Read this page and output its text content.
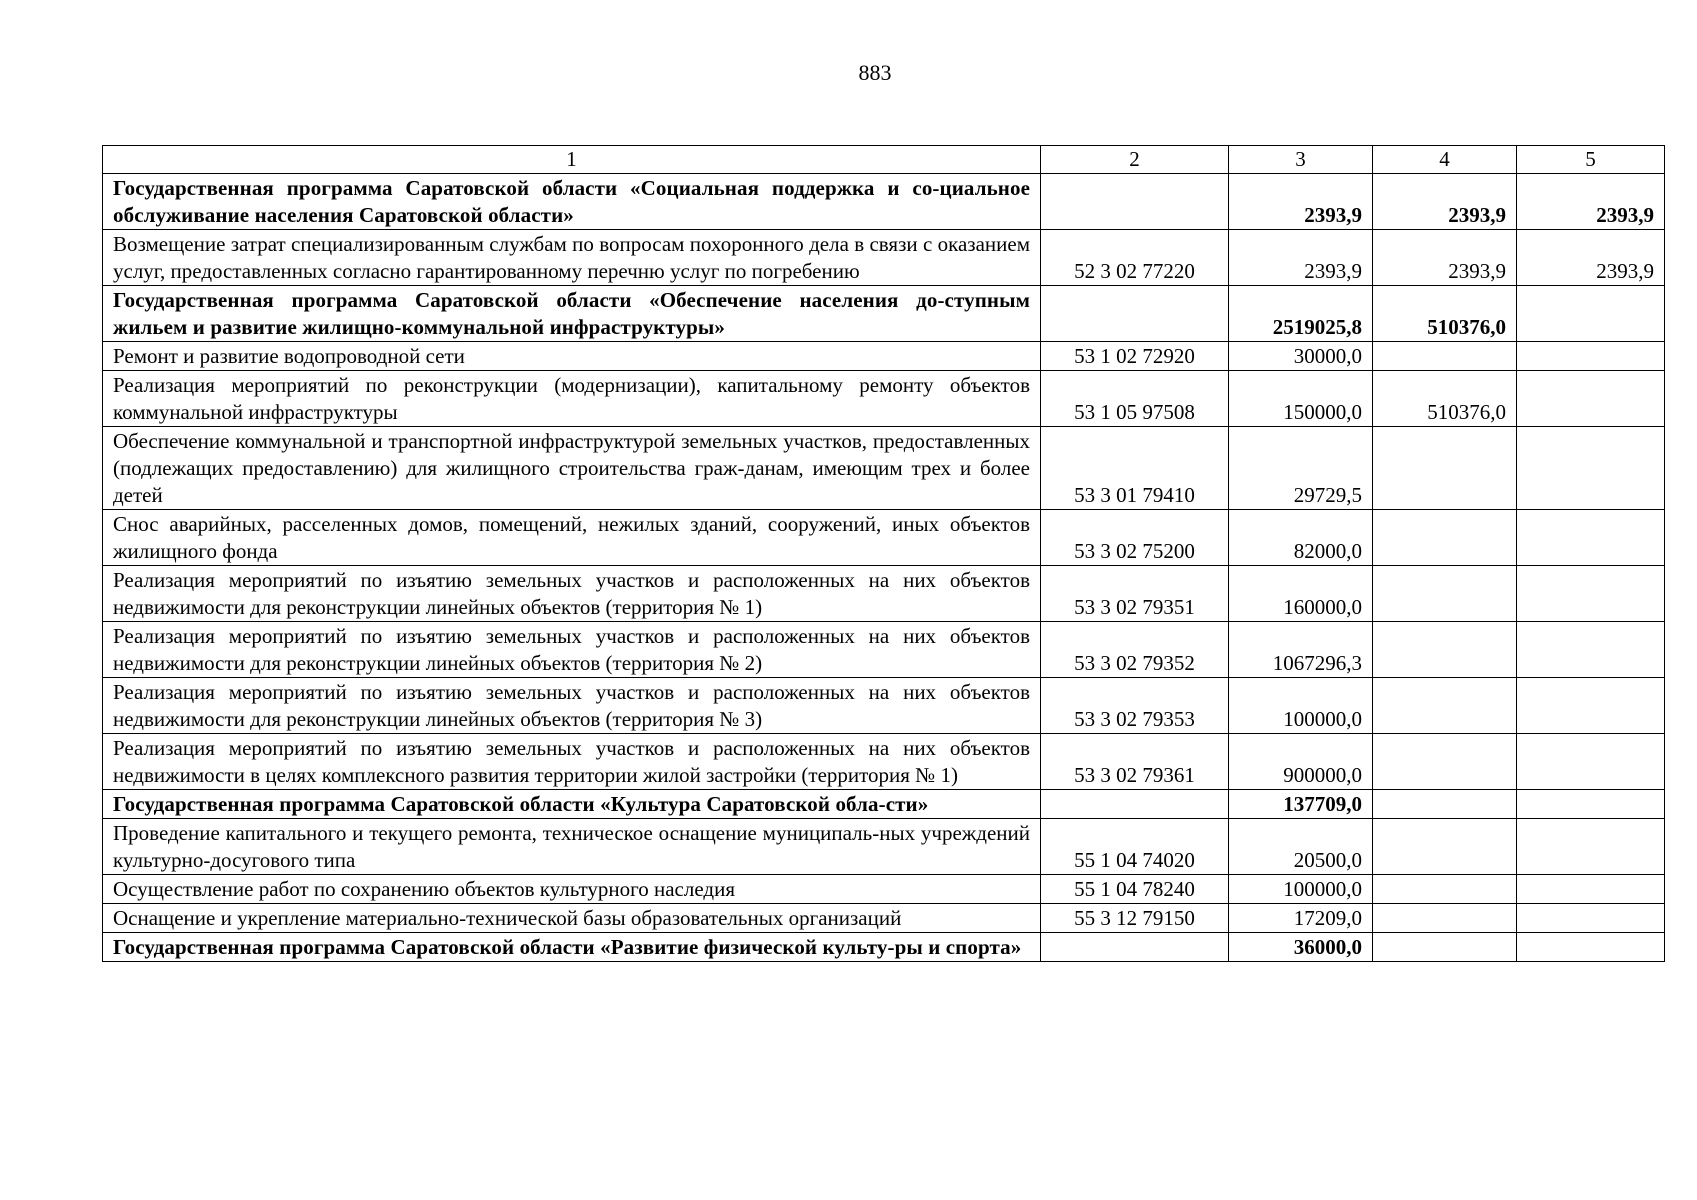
883
1	2	3	4	5
Государственная программа Саратовской области «Социальная поддержка и со-циальное обслуживание населения Саратовской области»		2393,9	2393,9	2393,9
Возмещение затрат специализированным службам по вопросам похоронного дела в связи с оказанием услуг, предоставленных согласно гарантированному перечню услуг по погребению	52 3 02 77220	2393,9	2393,9	2393,9
Государственная программа Саратовской области «Обеспечение населения до-ступным жильем и развитие жилищно-коммунальной инфраструктуры»		2519025,8	510376,0	
Ремонт и развитие водопроводной сети	53 1 02 72920	30000,0		
Реализация мероприятий по реконструкции (модернизации), капитальному ремонту объектов коммунальной инфраструктуры	53 1 05 97508	150000,0	510376,0	
Обеспечение коммунальной и транспортной инфраструктурой земельных участков, предоставленных (подлежащих предоставлению) для жилищного строительства граж-данам, имеющим трех и более детей	53 3 01 79410	29729,5		
Снос аварийных, расселенных домов, помещений, нежилых зданий, сооружений, иных объектов жилищного фонда	53 3 02 75200	82000,0		
Реализация мероприятий по изъятию земельных участков и расположенных на них объектов недвижимости для реконструкции линейных объектов (территория № 1)	53 3 02 79351	160000,0		
Реализация мероприятий по изъятию земельных участков и расположенных на них объектов недвижимости для реконструкции линейных объектов (территория № 2)	53 3 02 79352	1067296,3		
Реализация мероприятий по изъятию земельных участков и расположенных на них объектов недвижимости для реконструкции линейных объектов (территория № 3)	53 3 02 79353	100000,0		
Реализация мероприятий по изъятию земельных участков и расположенных на них объектов недвижимости в целях комплексного развития территории жилой застройки (территория № 1)	53 3 02 79361	900000,0		
Государственная программа Саратовской области «Культура Саратовской обла-сти»		137709,0		
Проведение капитального и текущего ремонта, техническое оснащение муниципаль-ных учреждений культурно-досугового типа	55 1 04 74020	20500,0		
Осуществление работ по сохранению объектов культурного наследия	55 1 04 78240	100000,0		
Оснащение и укрепление материально-технической базы образовательных организаций	55 3 12 79150	17209,0		
Государственная программа Саратовской области «Развитие физической культу-ры и спорта»		36000,0		
